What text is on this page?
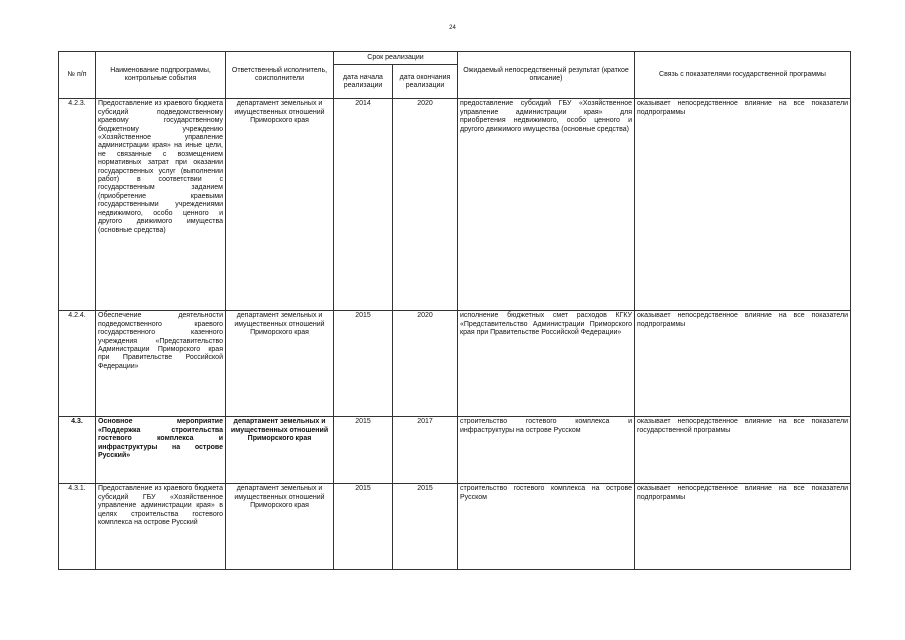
24
№ п/п	Наименование подпрограммы, контрольные события	Ответственный исполнитель, соисполнители	Срок реализации		Ожидаемый непосредственный результат (краткое описание)	Связь с показателями государственной программы
			дата начала реализации	дата окончания реализации		
4.2.3.	Предоставление из краевого бюджета субсидий подведомственному краевому государственному бюджетному учреждению «Хозяйственное управление администрации края» на иные цели, не связанные с возмещением нормативных затрат при оказании государственных услуг (выполнении работ) в соответствии с государственным заданием (приобретение краевыми государственными учреждениями недвижимого, особо ценного и другого движимого имущества (основные средства)	департамент земельных и имущественных отношений Приморского края	2014	2020	предоставление субсидий ГБУ «Хозяйственное управление администрации края» для приобретения недвижимого, особо ценного и другого движимого имущества (основные средства)	оказывает непосредственное влияние на все показатели подпрограммы
4.2.4.	Обеспечение деятельности подведомственного краевого государственного казенного учреждения «Представительство Администрации Приморского края при Правительстве Российской Федерации»	департамент земельных и имущественных отношений Приморского края	2015	2020	исполнение бюджетных смет расходов КГКУ «Представительство Администрации Приморского края при Правительстве Российской Федерации»	оказывает непосредственное влияние на все показатели подпрограммы
4.3.	Основное мероприятие «Поддержка строительства гостевого комплекса и инфраструктуры на острове Русский»	департамент земельных и имущественных отношений Приморского края	2015	2017	строительство гостевого комплекса и инфраструктуры на острове Русском	оказывает непосредственное влияние на все показатели государственной программы
4.3.1.	Предоставление из краевого бюджета субсидий ГБУ «Хозяйственное управление администрации края» в целях строительства гостевого комплекса на острове Русский	департамент земельных и имущественных отношений Приморского края	2015	2015	строительство гостевого комплекса на острове Русском	оказывает непосредственное влияние на все показатели подпрограммы
